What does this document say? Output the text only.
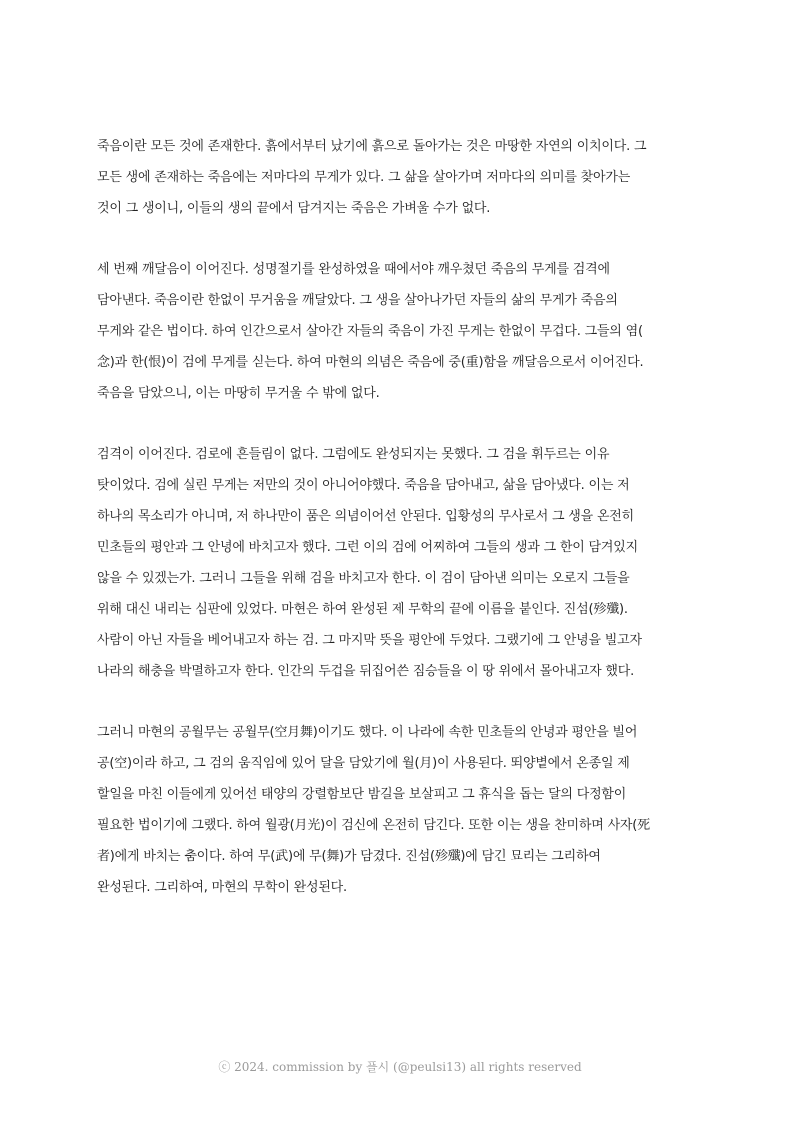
죽음이란 모든 것에 존재한다. 흙에서부터 났기에 흙으로 돌아가는 것은 마땅한 자연의 이치이다. 그
모든 생에 존재하는 죽음에는 저마다의 무게가 있다. 그 삶을 살아가며 저마다의 의미를 찾아가는
것이 그 생이니, 이들의 생의 끝에서 담겨지는 죽음은 가벼울 수가 없다.

세 번째 깨달음이 이어진다. 성명절기를 완성하였을 때에서야 깨우쳤던 죽음의 무게를 검격에
담아낸다. 죽음이란 한없이 무거움을 깨달았다. 그 생을 살아나가던 자들의 삶의 무게가 죽음의
무게와 같은 법이다. 하여 인간으로서 살아간 자들의 죽음이 가진 무게는 한없이 무겁다. 그들의 염(
念)과 한(恨)이 검에 무게를 싣는다. 하여 마현의 의념은 죽음에 중(重)함을 깨달음으로서 이어진다.
죽음을 담았으니, 이는 마땅히 무거울 수 밖에 없다.

검격이 이어진다. 검로에 흔들림이 없다. 그럼에도 완성되지는 못했다. 그 검을 휘두르는 이유
탓이었다. 검에 실린 무게는 저만의 것이 아니어야했다. 죽음을 담아내고, 삶을 담아냈다. 이는 저
하나의 목소리가 아니며, 저 하나만이 품은 의념이어선 안된다. 입황성의 무사로서 그 생을 온전히
민초들의 평안과 그 안녕에 바치고자 했다. 그런 이의 검에 어찌하여 그들의 생과 그 한이 담겨있지
않을 수 있겠는가. 그러니 그들을 위해 검을 바치고자 한다. 이 검이 담아낸 의미는 오로지 그들을
위해 대신 내리는 심판에 있었다. 마현은 하여 완성된 제 무학의 끝에 이름을 붙인다. 진섬(殄殲).
사람이 아닌 자들을 베어내고자 하는 검. 그 마지막 뜻을 평안에 두었다. 그랬기에 그 안녕을 빌고자
나라의 해충을 박멸하고자 한다. 인간의 두겁을 뒤집어쓴 짐승들을 이 땅 위에서 몰아내고자 했다.

그러니 마현의 공월무는 공월무(空月舞)이기도 했다. 이 나라에 속한 민초들의 안녕과 평안을 빌어
공(空)이라 하고, 그 검의 움직임에 있어 달을 담았기에 월(月)이 사용된다. 뙤양볕에서 온종일 제
할일을 마친 이들에게 있어선 태양의 강렬함보단 밤길을 보살피고 그 휴식을 돕는 달의 다정함이
필요한 법이기에 그랬다. 하여 월광(月光)이 검신에 온전히 담긴다. 또한 이는 생을 찬미하며 사자(死
者)에게 바치는 춤이다. 하여 무(武)에 무(舞)가 담겼다. 진섬(殄殲)에 담긴 묘리는 그리하여
완성된다. 그리하여, 마현의 무학이 완성된다.

ⓒ 2024. commission by 플시 (@peulsi13) all rights reserved
